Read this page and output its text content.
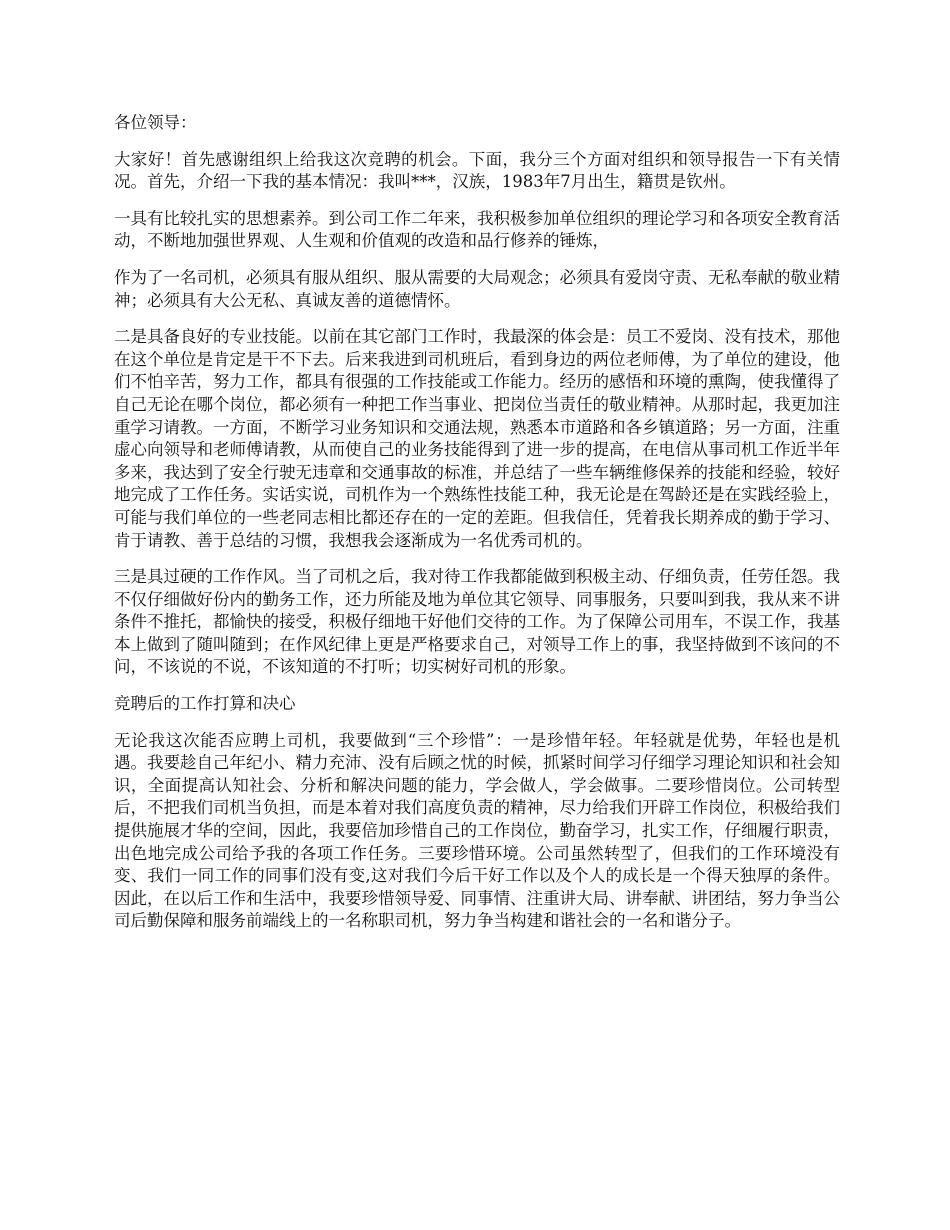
各位领导：

大家好！首先感谢组织上给我这次竞聘的机会。下面，我分三个方面对组织和领导报告一下有关情况。首先，介绍一下我的基本情况：我叫***，汉族，1983年7月出生，籍贯是钦州。

一具有比较扎实的思想素养。到公司工作二年来，我积极参加单位组织的理论学习和各项安全教育活动，不断地加强世界观、人生观和价值观的改造和品行修养的锤炼，

作为了一名司机，必须具有服从组织、服从需要的大局观念；必须具有爱岗守责、无私奉献的敬业精神；必须具有大公无私、真诚友善的道德情怀。

二是具备良好的专业技能。以前在其它部门工作时，我最深的体会是：员工不爱岗、没有技术，那他在这个单位是肯定是干不下去。后来我进到司机班后，看到身边的两位老师傅，为了单位的建设，他们不怕辛苦，努力工作，都具有很强的工作技能或工作能力。经历的感悟和环境的熏陶，使我懂得了自己无论在哪个岗位，都必须有一种把工作当事业、把岗位当责任的敬业精神。从那时起，我更加注重学习请教。一方面，不断学习业务知识和交通法规，熟悉本市道路和各乡镇道路；另一方面，注重虚心向领导和老师傅请教，从而使自己的业务技能得到了进一步的提高，在电信从事司机工作近半年多来，我达到了安全行驶无违章和交通事故的标准，并总结了一些车辆维修保养的技能和经验，较好地完成了工作任务。实话实说，司机作为一个熟练性技能工种，我无论是在驾龄还是在实践经验上，可能与我们单位的一些老同志相比都还存在的一定的差距。但我信任，凭着我长期养成的勤于学习、肯于请教、善于总结的习惯，我想我会逐渐成为一名优秀司机的。

三是具过硬的工作作风。当了司机之后，我对待工作我都能做到积极主动、仔细负责，任劳任怨。我不仅仔细做好份内的勤务工作，还力所能及地为单位其它领导、同事服务，只要叫到我，我从来不讲条件不推托，都愉快的接受，积极仔细地干好他们交待的工作。为了保障公司用车，不误工作，我基本上做到了随叫随到；在作风纪律上更是严格要求自己，对领导工作上的事，我坚持做到不该问的不问，不该说的不说，不该知道的不打听；切实树好司机的形象。

竞聘后的工作打算和决心

无论我这次能否应聘上司机，我要做到“三个珍惜”：一是珍惜年轻。年轻就是优势，年轻也是机遇。我要趁自己年纪小、精力充沛、没有后顾之忧的时候，抓紧时间学习仔细学习理论知识和社会知识，全面提高认知社会、分析和解决问题的能力，学会做人，学会做事。二要珍惜岗位。公司转型后，不把我们司机当负担，而是本着对我们高度负责的精神，尽力给我们开辟工作岗位，积极给我们提供施展才华的空间，因此，我要倍加珍惜自己的工作岗位，勤奋学习，扎实工作，仔细履行职责，出色地完成公司给予我的各项工作任务。三要珍惜环境。公司虽然转型了，但我们的工作环境没有变、我们一同工作的同事们没有变,这对我们今后干好工作以及个人的成长是一个得天独厚的条件。因此，在以后工作和生活中，我要珍惜领导爱、同事情、注重讲大局、讲奉献、讲团结，努力争当公司后勤保障和服务前端线上的一名称职司机，努力争当构建和谐社会的一名和谐分子。
